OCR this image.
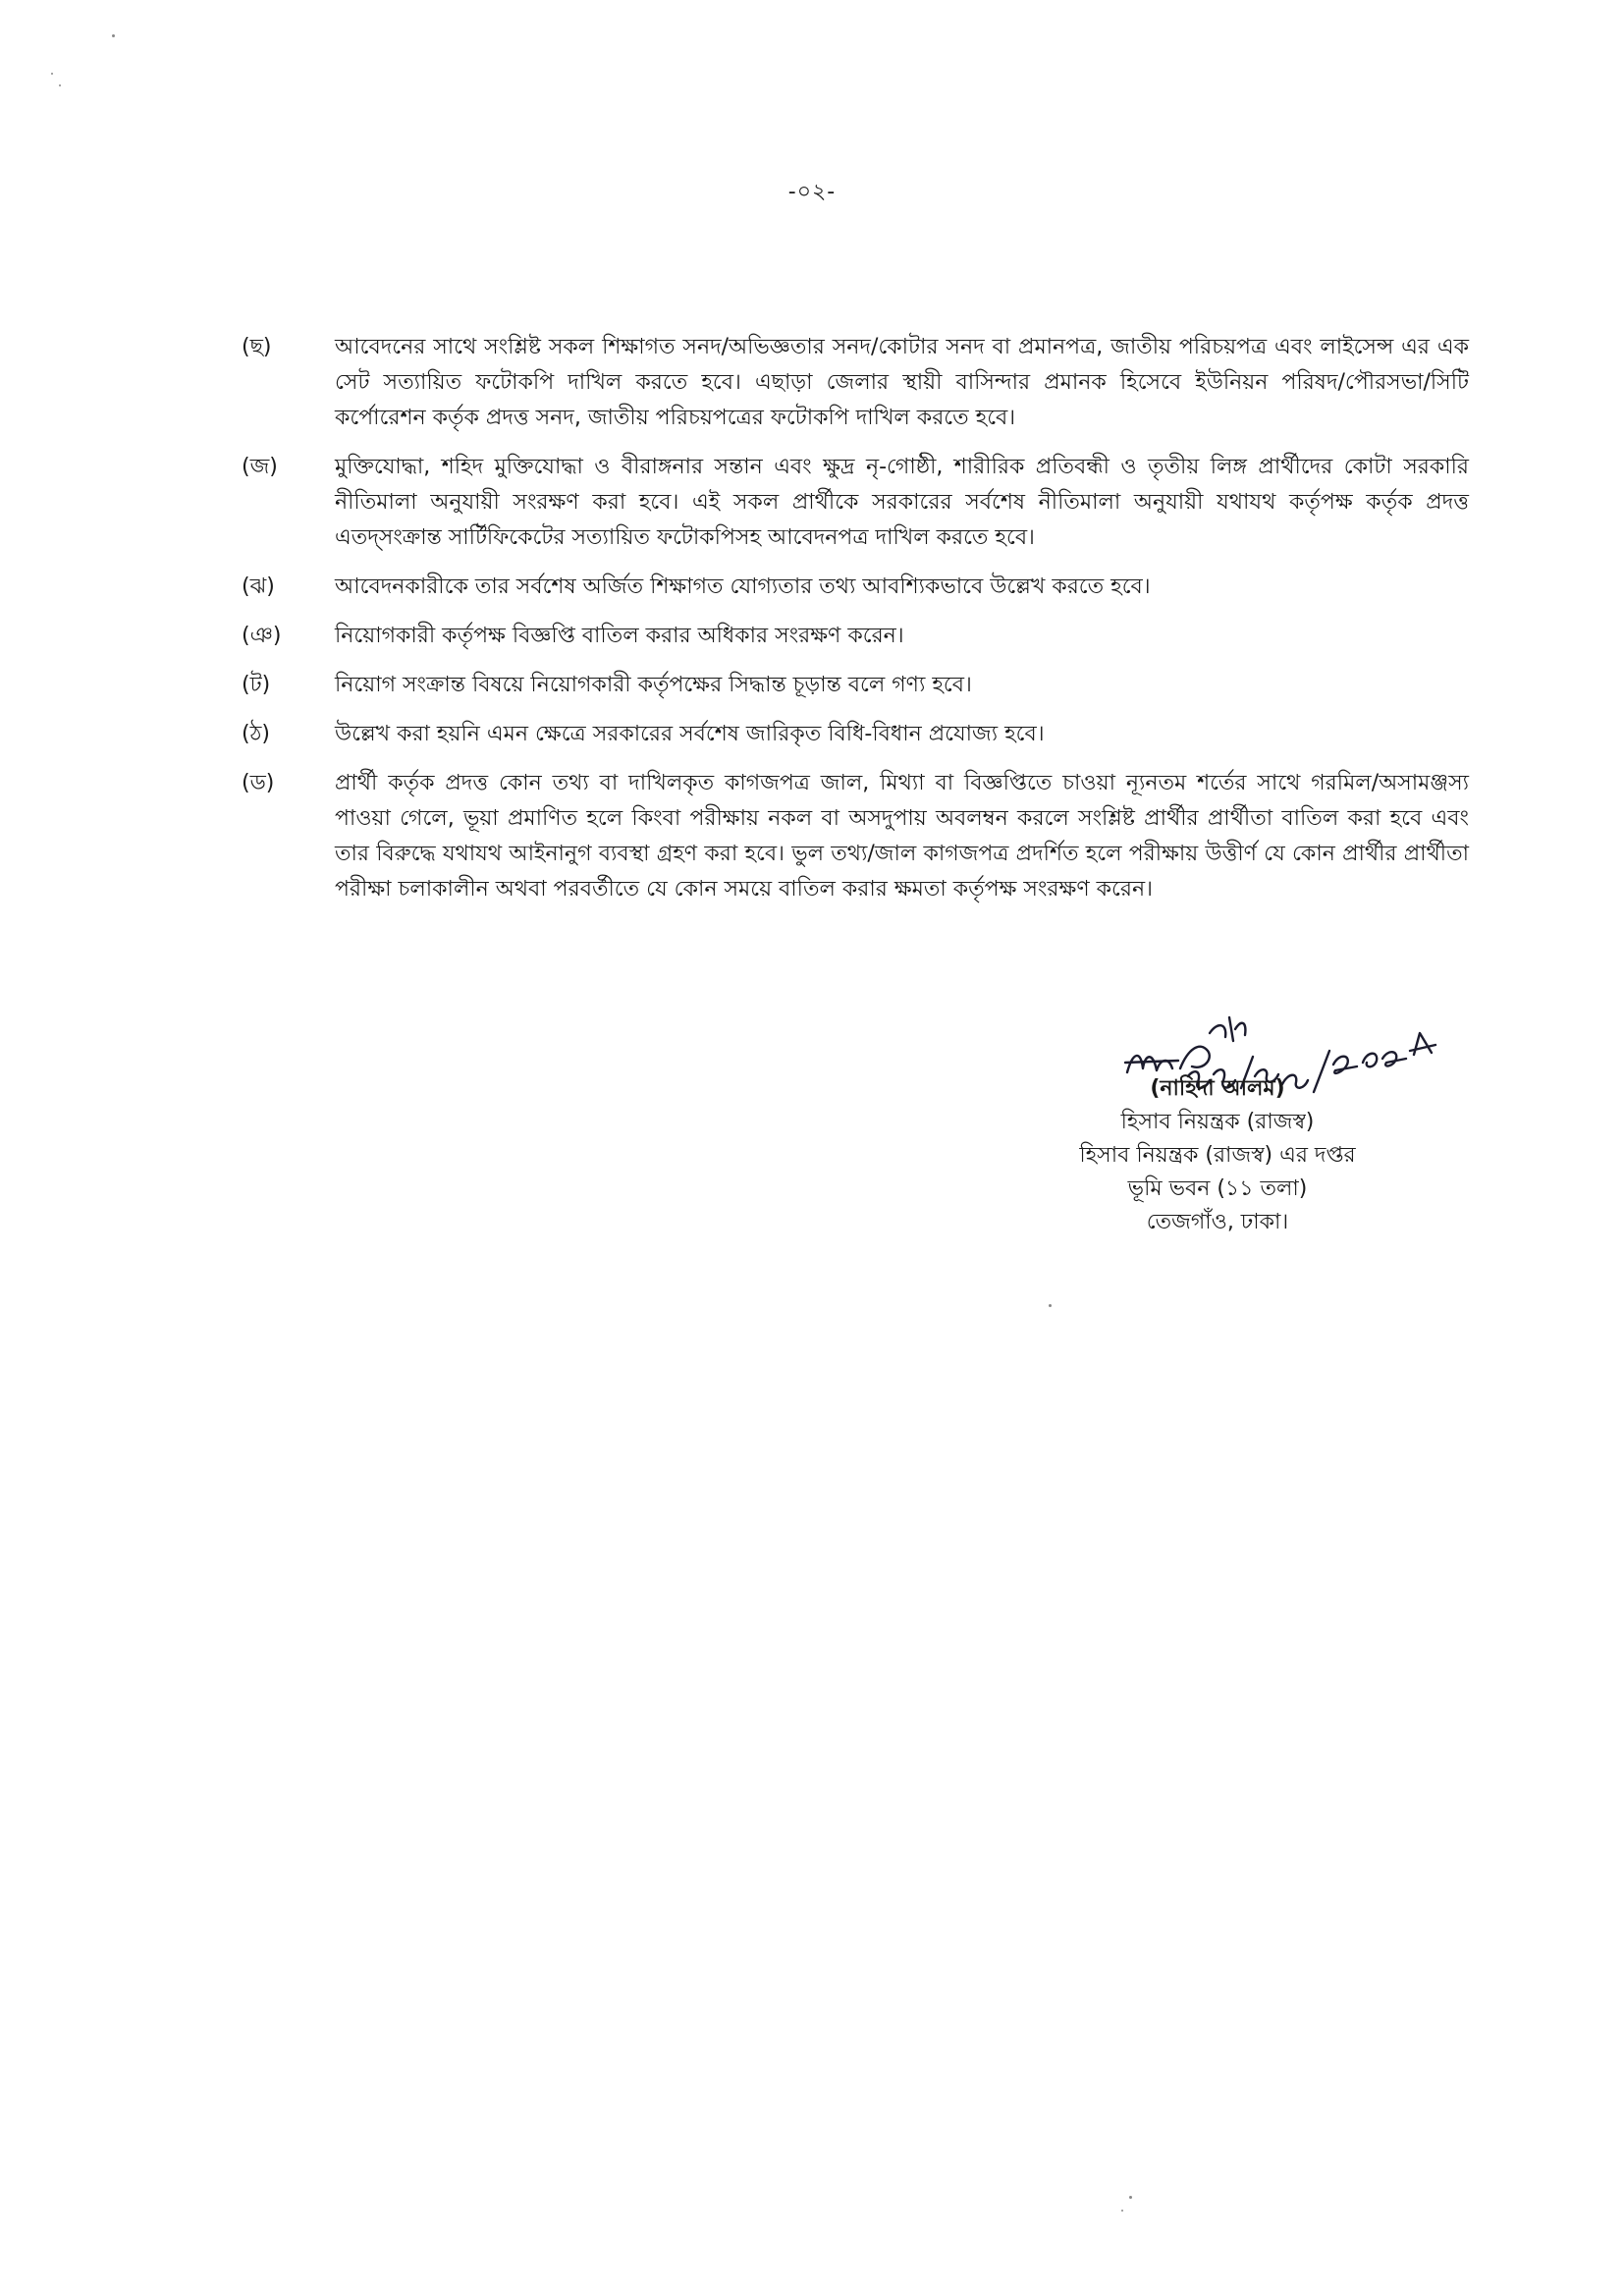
-০২-
(ছ)	আবেদনের সাথে সংশ্লিষ্ট সকল শিক্ষাগত সনদ/অভিজ্ঞতার সনদ/কোটার সনদ বা প্রমানপত্র, জাতীয় পরিচয়পত্র এবং লাইসেন্স এর এক সেট সত্যায়িত ফটোকপি দাখিল করতে হবে। এছাড়া জেলার স্থায়ী বাসিন্দার প্রমানক হিসেবে ইউনিয়ন পরিষদ/পৌরসভা/সিটি কর্পোরেশন কর্তৃক প্রদত্ত সনদ, জাতীয় পরিচয়পত্রের ফটোকপি দাখিল করতে হবে।
(জ)	মুক্তিযোদ্ধা, শহিদ মুক্তিযোদ্ধা ও বীরাঙ্গনার সন্তান এবং ক্ষুদ্র নৃ-গোষ্ঠী, শারীরিক প্রতিবন্ধী ও তৃতীয় লিঙ্গ প্রার্থীদের কোটা সরকারি নীতিমালা অনুযায়ী সংরক্ষণ করা হবে। এই সকল প্রার্থীকে সরকারের সর্বশেষ নীতিমালা অনুযায়ী যথাযথ কর্তৃপক্ষ কর্তৃক প্রদত্ত এতদ্‌সংক্রান্ত সার্টিফিকেটের সত্যায়িত ফটোকপিসহ আবেদনপত্র দাখিল করতে হবে।
(ঝ)	আবেদনকারীকে তার সর্বশেষ অর্জিত শিক্ষাগত যোগ্যতার তথ্য আবশ্যিকভাবে উল্লেখ করতে হবে।
(ঞ)	নিয়োগকারী কর্তৃপক্ষ বিজ্ঞপ্তি বাতিল করার অধিকার সংরক্ষণ করেন।
(ট)	নিয়োগ সংক্রান্ত বিষয়ে নিয়োগকারী কর্তৃপক্ষের সিদ্ধান্ত চূড়ান্ত বলে গণ্য হবে।
(ঠ)	উল্লেখ করা হয়নি এমন ক্ষেত্রে সরকারের সর্বশেষ জারিকৃত বিধি-বিধান প্রযোজ্য হবে।
(ড)	প্রার্থী কর্তৃক প্রদত্ত কোন তথ্য বা দাখিলকৃত কাগজপত্র জাল, মিথ্যা বা বিজ্ঞপ্তিতে চাওয়া ন্যূনতম শর্তের সাথে গরমিল/অসামঞ্জস্য পাওয়া গেলে, ভূয়া প্রমাণিত হলে কিংবা পরীক্ষায় নকল বা অসদুপায় অবলম্বন করলে সংশ্লিষ্ট প্রার্থীর প্রার্থীতা বাতিল করা হবে এবং তার বিরুদ্ধে যথাযথ আইনানুগ ব্যবস্থা গ্রহণ করা হবে। ভুল তথ্য/জাল কাগজপত্র প্রদর্শিত হলে পরীক্ষায় উত্তীর্ণ যে কোন প্রার্থীর প্রার্থীতা পরীক্ষা চলাকালীন অথবা পরবর্তীতে যে কোন সময়ে বাতিল করার ক্ষমতা কর্তৃপক্ষ সংরক্ষণ করেন।
(নাহিদা আলম)
হিসাব নিয়ন্ত্রক (রাজস্ব)
হিসাব নিয়ন্ত্রক (রাজস্ব) এর দপ্তর
ভূমি ভবন (১১ তলা)
তেজগাঁও, ঢাকা।
